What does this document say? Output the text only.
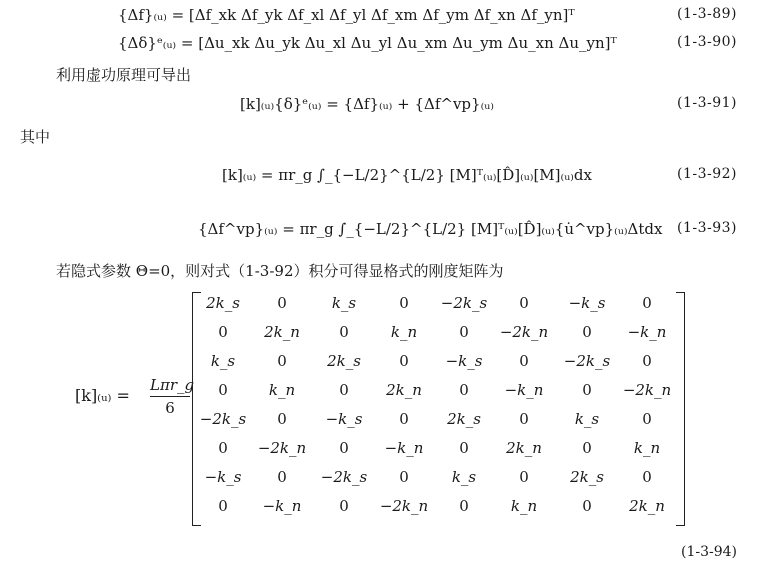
{Δf}₍ᵤ₎ = [Δf_xk Δf_yk Δf_xl Δf_yl Δf_xm Δf_ym Δf_xn Δf_yn]ᵀ	(1-3-89)
{Δδ}ᵉ₍ᵤ₎ = [Δu_xk Δu_yk Δu_xl Δu_yl Δu_xm Δu_ym Δu_xn Δu_yn]ᵀ	(1-3-90)
利用虚功原理可导出
[k]₍ᵤ₎{δ}ᵉ₍ᵤ₎ = {Δf}₍ᵤ₎ + {Δf^vp}₍ᵤ₎	(1-3-91)
其中
[k]₍ᵤ₎ = πr_g ∫_{−L/2}^{L/2} [M]ᵀ₍ᵤ₎[D̂]₍ᵤ₎[M]₍ᵤ₎dx	(1-3-92)
{Δf^vp}₍ᵤ₎ = πr_g ∫_{−L/2}^{L/2} [M]ᵀ₍ᵤ₎[D̂]₍ᵤ₎{u̇^vp}₍ᵤ₎Δtdx (1-3-93)
若隐式参数 Θ=0，则对式（1-3-92）积分可得显格式的刚度矩阵为
[k]₍ᵤ₎ =
Lπr_g
6
2k_s	0	k_s	0	−2k_s	0	−k_s	0
0	2k_n	0	k_n	0	−2k_n	0	−k_n
k_s	0	2k_s	0	−k_s	0	−2k_s	0
0	k_n	0	2k_n	0	−k_n	0	−2k_n
−2k_s	0	−k_s	0	2k_s	0	k_s	0
0	−2k_n	0	−k_n	0	2k_n	0	k_n
−k_s	0	−2k_s	0	k_s	0	2k_s	0
0	−k_n	0	−2k_n	0	k_n	0	2k_n
(1-3-94)
